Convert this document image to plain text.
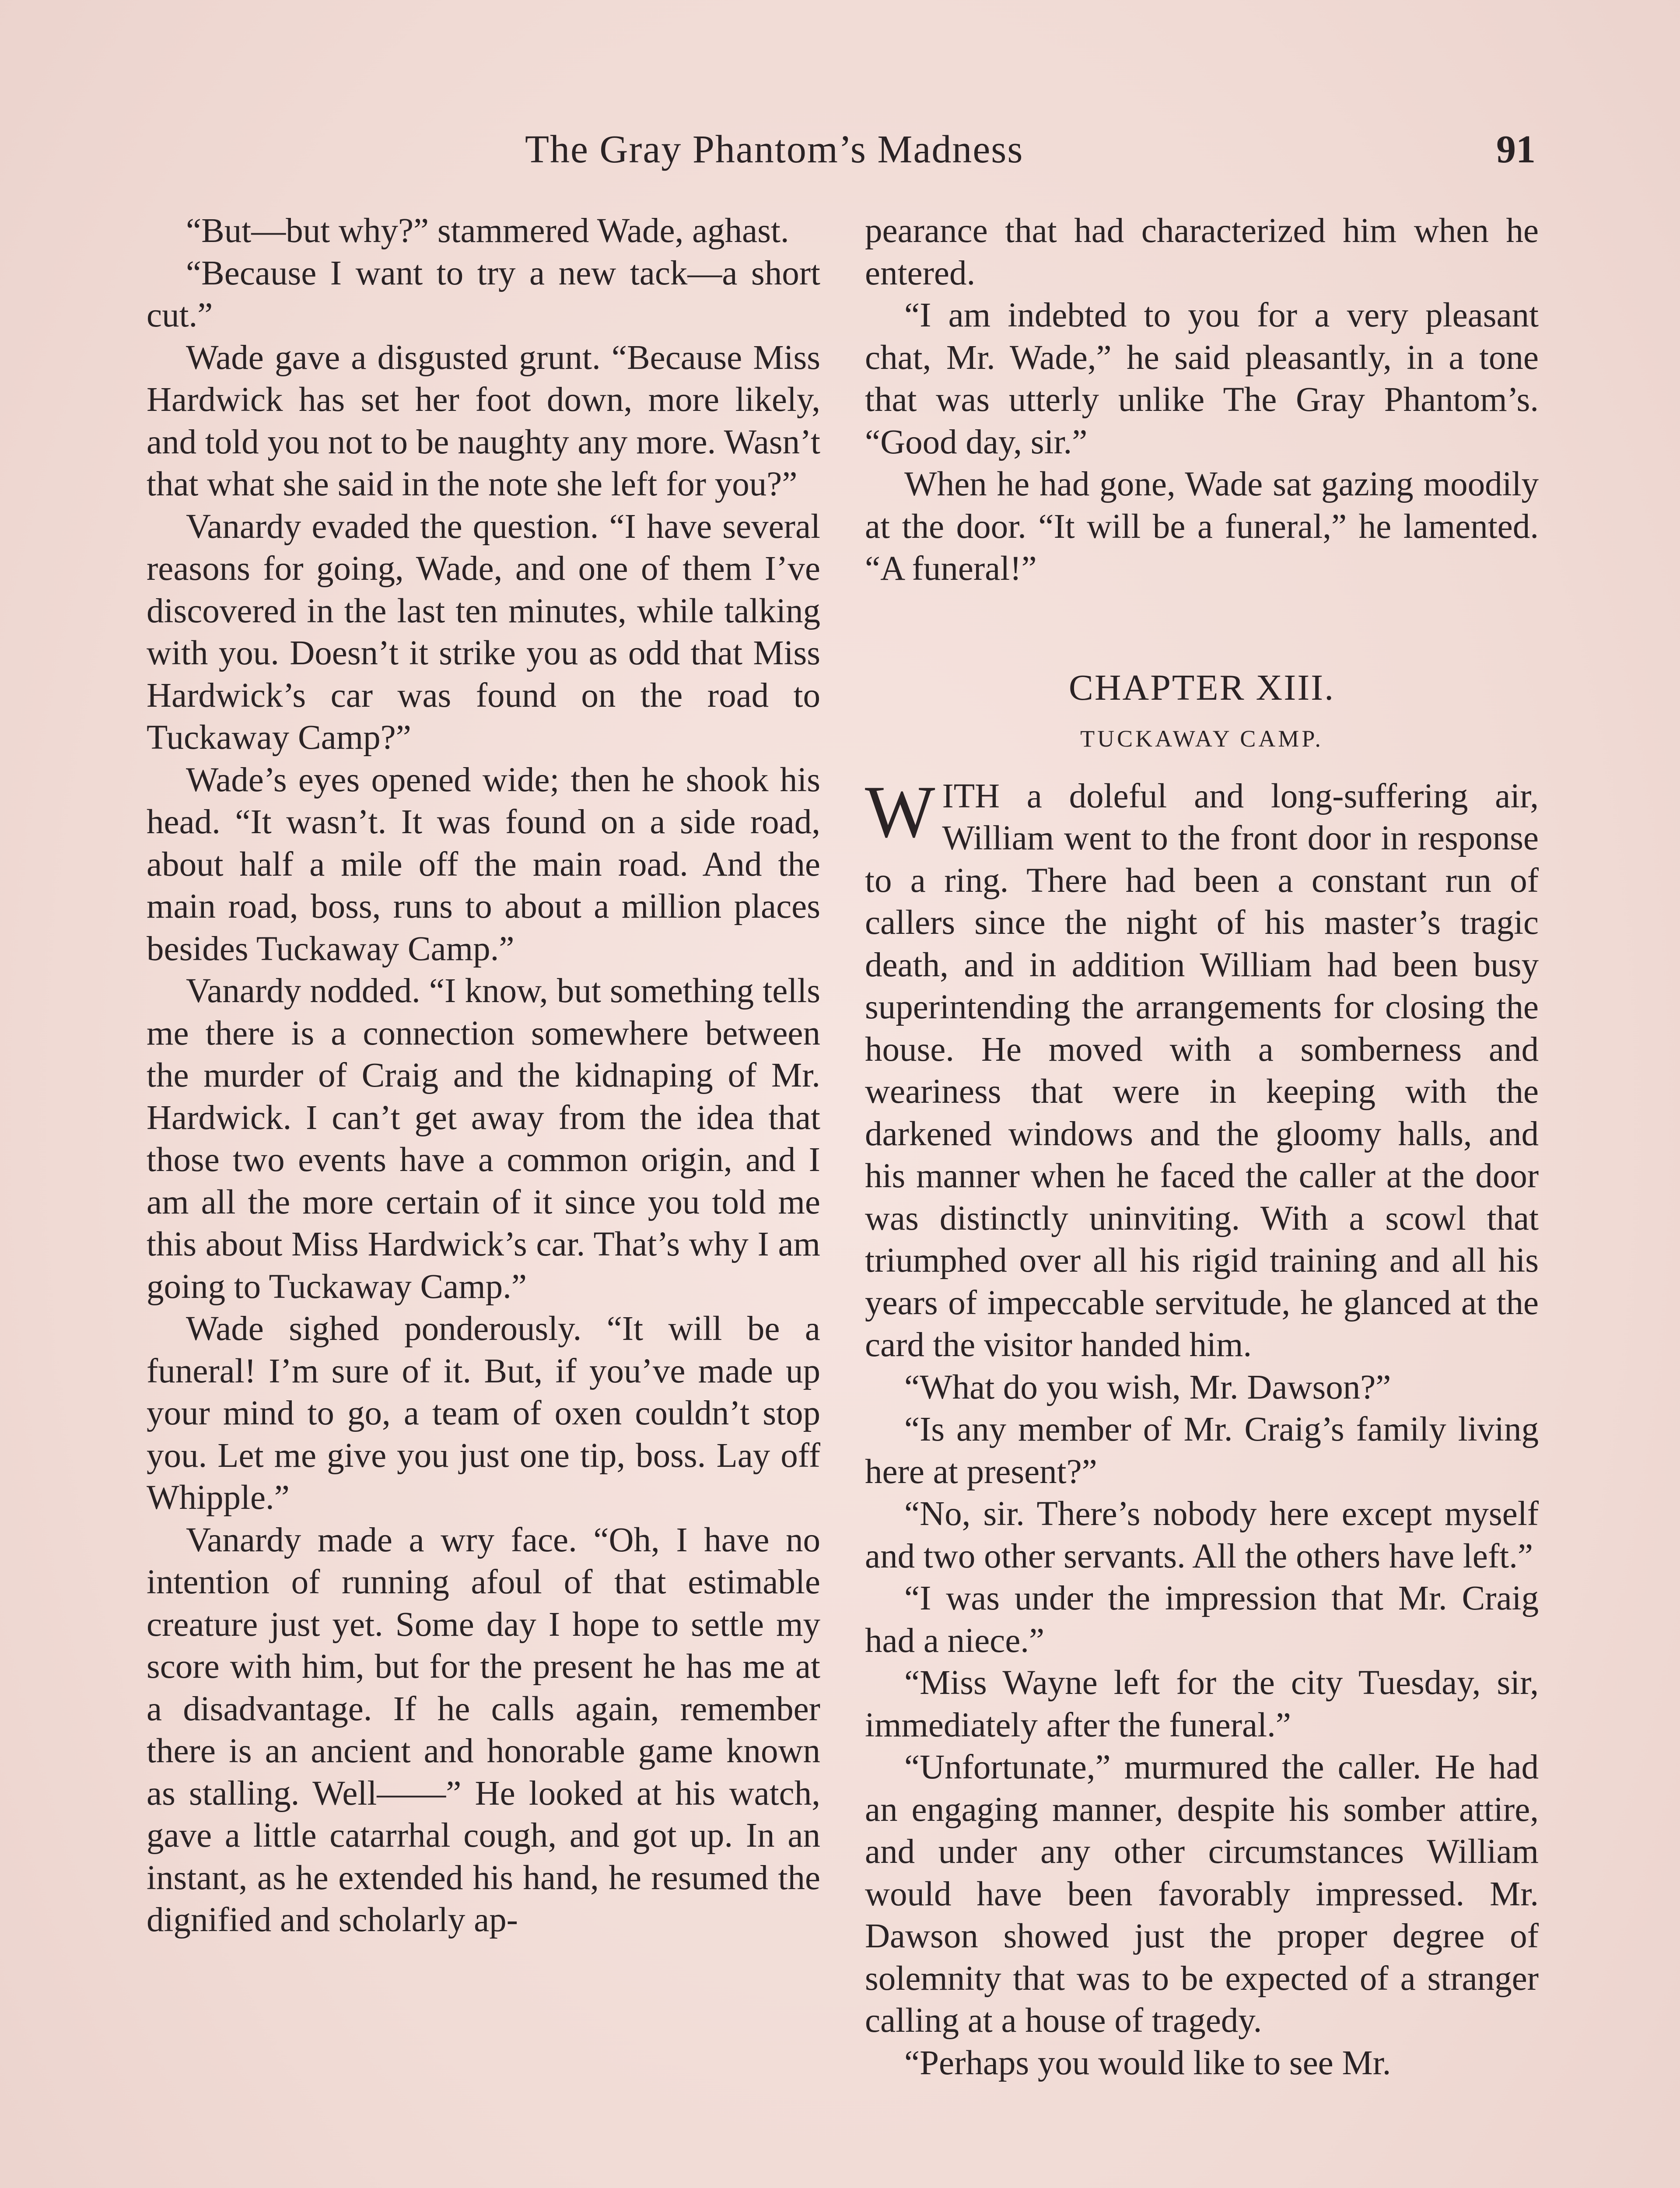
The Gray Phantom’s Madness	91

“But—but why?” stammered Wade, aghast.

“Because I want to try a new tack—a short cut.”

Wade gave a disgusted grunt. “Because Miss Hardwick has set her foot down, more likely, and told you not to be naughty any more. Wasn’t that what she said in the note she left for you?”

Vanardy evaded the question. “I have several reasons for going, Wade, and one of them I’ve discovered in the last ten minutes, while talking with you. Doesn’t it strike you as odd that Miss Hardwick’s car was found on the road to Tuckaway Camp?”

Wade’s eyes opened wide; then he shook his head. “It wasn’t. It was found on a side road, about half a mile off the main road. And the main road, boss, runs to about a million places besides Tuckaway Camp.”

Vanardy nodded. “I know, but something tells me there is a connection somewhere between the murder of Craig and the kidnaping of Mr. Hardwick. I can’t get away from the idea that those two events have a common origin, and I am all the more certain of it since you told me this about Miss Hardwick’s car. That’s why I am going to Tuckaway Camp.”

Wade sighed ponderously. “It will be a funeral! I’m sure of it. But, if you’ve made up your mind to go, a team of oxen couldn’t stop you. Let me give you just one tip, boss. Lay off Whipple.”

Vanardy made a wry face. “Oh, I have no intention of running afoul of that estimable creature just yet. Some day I hope to settle my score with him, but for the present he has me at a disadvantage. If he calls again, remember there is an ancient and honorable game known as stalling. Well——” He looked at his watch, gave a little catarrhal cough, and got up. In an instant, as he extended his hand, he resumed the dignified and scholarly ap-

pearance that had characterized him when he entered.

“I am indebted to you for a very pleasant chat, Mr. Wade,” he said pleasantly, in a tone that was utterly unlike The Gray Phantom’s. “Good day, sir.”

When he had gone, Wade sat gazing moodily at the door. “It will be a funeral,” he lamented. “A funeral!”

CHAPTER XIII.
TUCKAWAY CAMP.

WITH a doleful and long-suffering air, William went to the front door in response to a ring. There had been a constant run of callers since the night of his master’s tragic death, and in addition William had been busy superintending the arrangements for closing the house. He moved with a somberness and weariness that were in keeping with the darkened windows and the gloomy halls, and his manner when he faced the caller at the door was distinctly uninviting. With a scowl that triumphed over all his rigid training and all his years of impeccable servitude, he glanced at the card the visitor handed him.

“What do you wish, Mr. Dawson?”

“Is any member of Mr. Craig’s family living here at present?”

“No, sir. There’s nobody here except myself and two other servants. All the others have left.”

“I was under the impression that Mr. Craig had a niece.”

“Miss Wayne left for the city Tuesday, sir, immediately after the funeral.”

“Unfortunate,” murmured the caller. He had an engaging manner, despite his somber attire, and under any other circumstances William would have been favorably impressed. Mr. Dawson showed just the proper degree of solemnity that was to be expected of a stranger calling at a house of tragedy.

“Perhaps you would like to see Mr.
